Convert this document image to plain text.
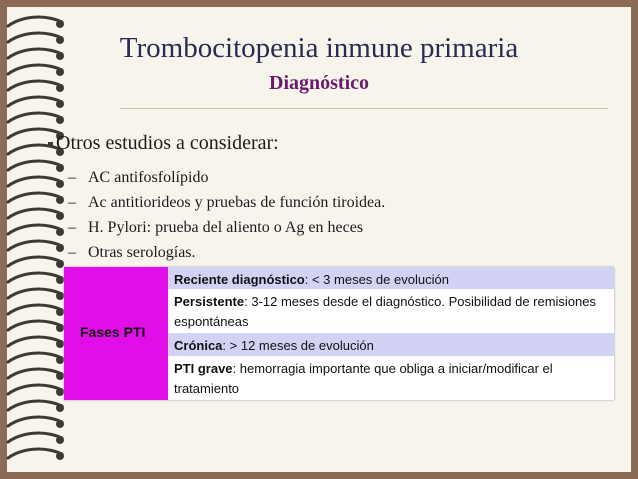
Trombocitopenia inmune primaria
Diagnóstico
Otros estudios a considerar:
– AC antifosfolípido
– Ac antitiorideos y pruebas de función tiroidea.
– H. Pylori: prueba del aliento o Ag en heces
– Otras serologías.
Fases PTI
Reciente diagnóstico: < 3 meses de evolución
Persistente: 3-12 meses desde el diagnóstico. Posibilidad de remisiones espontáneas
Crónica: > 12 meses de evolución
PTI grave: hemorragia importante que obliga a iniciar/modificar el tratamiento
